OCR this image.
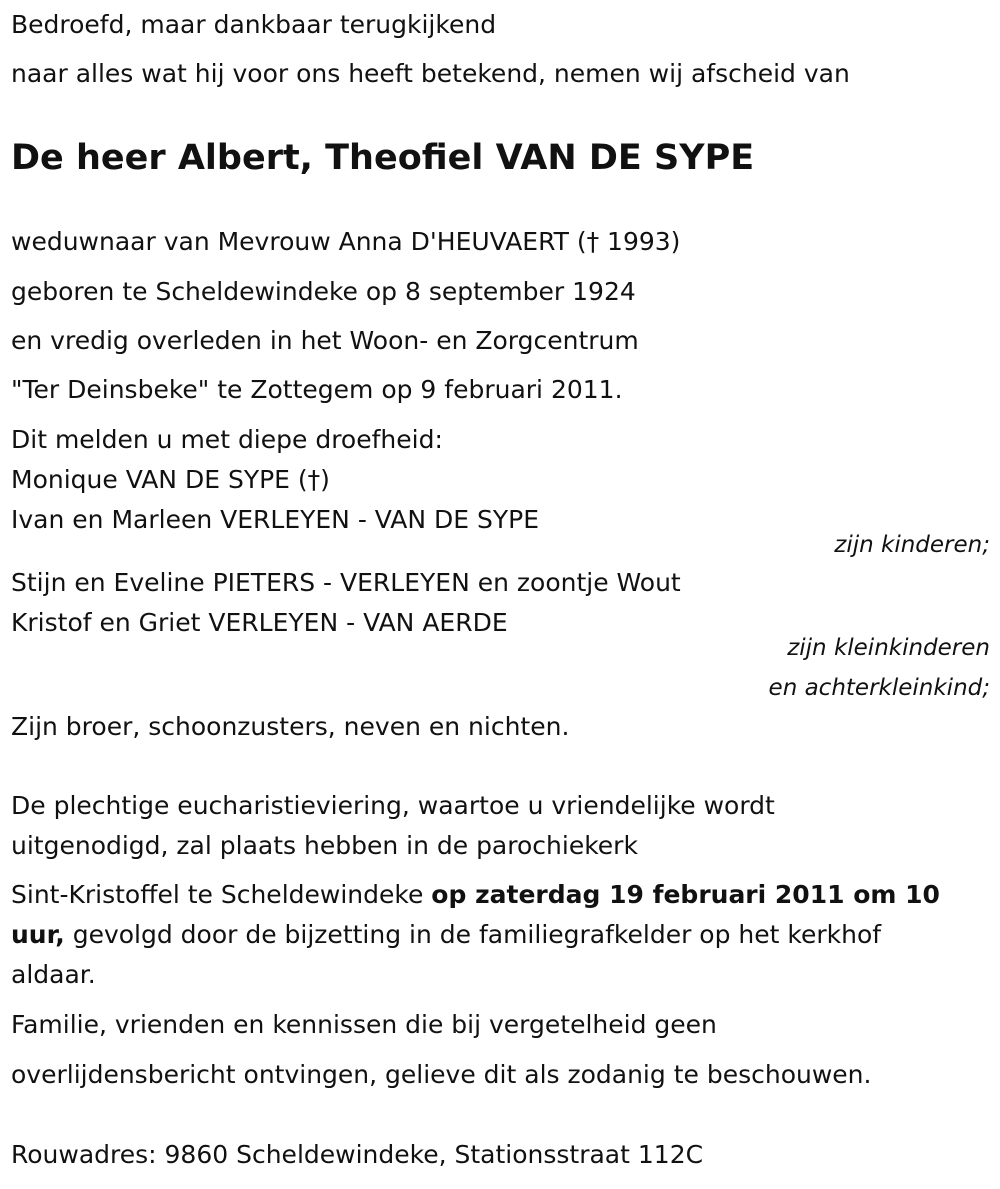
Bedroefd, maar dankbaar terugkijkend
naar alles wat hij voor ons heeft betekend, nemen wij afscheid van
De heer Albert, Theofiel VAN DE SYPE
weduwnaar van Mevrouw Anna D'HEUVAERT († 1993)
geboren te Scheldewindeke op 8 september 1924
en vredig overleden in het Woon- en Zorgcentrum
"Ter Deinsbeke" te Zottegem op 9 februari 2011.
Dit melden u met diepe droefheid:
Monique VAN DE SYPE (†)
Ivan en Marleen VERLEYEN - VAN DE SYPE
zijn kinderen;
Stijn en Eveline PIETERS - VERLEYEN en zoontje Wout
Kristof en Griet VERLEYEN - VAN AERDE
zijn kleinkinderen
en achterkleinkind;
Zijn broer, schoonzusters, neven en nichten.
De plechtige eucharistieviering, waartoe u vriendelijke wordt
uitgenodigd, zal plaats hebben in de parochiekerk
Sint-Kristoffel te Scheldewindeke op zaterdag 19 februari 2011 om 10
uur, gevolgd door de bijzetting in de familiegrafkelder op het kerkhof
aldaar.
Familie, vrienden en kennissen die bij vergetelheid geen
overlijdensbericht ontvingen, gelieve dit als zodanig te beschouwen.
Rouwadres: 9860 Scheldewindeke, Stationsstraat 112C
